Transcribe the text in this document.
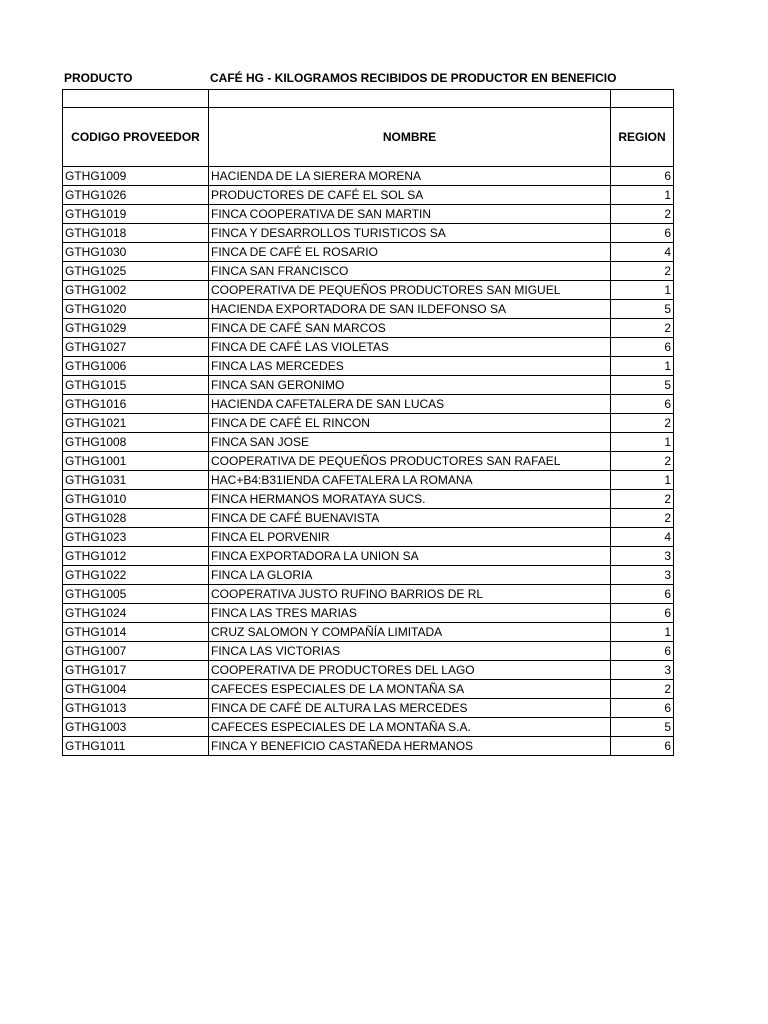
PRODUCTO	CAFÉ HG - KILOGRAMOS RECIBIDOS DE PRODUCTOR EN BENEFICIO

CODIGO PROVEEDOR	NOMBRE	REGION
GTHG1009	HACIENDA DE LA SIERERA MORENA	6
GTHG1026	PRODUCTORES DE CAFÉ EL SOL SA	1
GTHG1019	FINCA COOPERATIVA DE SAN MARTIN	2
GTHG1018	FINCA Y DESARROLLOS TURISTICOS SA	6
GTHG1030	FINCA DE CAFÉ EL ROSARIO	4
GTHG1025	FINCA SAN FRANCISCO	2
GTHG1002	COOPERATIVA DE PEQUEÑOS PRODUCTORES SAN MIGUEL	1
GTHG1020	HACIENDA EXPORTADORA DE SAN ILDEFONSO SA	5
GTHG1029	FINCA DE CAFÉ SAN MARCOS	2
GTHG1027	FINCA DE CAFÉ LAS VIOLETAS	6
GTHG1006	FINCA LAS MERCEDES	1
GTHG1015	FINCA SAN GERONIMO	5
GTHG1016	HACIENDA CAFETALERA DE SAN LUCAS	6
GTHG1021	FINCA DE CAFÉ EL RINCON	2
GTHG1008	FINCA SAN JOSE	1
GTHG1001	COOPERATIVA DE PEQUEÑOS PRODUCTORES SAN RAFAEL	2
GTHG1031	HAC+B4:B31IENDA CAFETALERA LA ROMANA	1
GTHG1010	FINCA HERMANOS MORATAYA SUCS.	2
GTHG1028	FINCA DE CAFÉ BUENAVISTA	2
GTHG1023	FINCA EL PORVENIR	4
GTHG1012	FINCA EXPORTADORA LA UNION SA	3
GTHG1022	FINCA LA GLORIA	3
GTHG1005	COOPERATIVA JUSTO RUFINO BARRIOS DE RL	6
GTHG1024	FINCA LAS TRES MARIAS	6
GTHG1014	CRUZ SALOMON Y COMPAÑÍA LIMITADA	1
GTHG1007	FINCA LAS VICTORIAS	6
GTHG1017	COOPERATIVA DE PRODUCTORES DEL LAGO	3
GTHG1004	CAFECES ESPECIALES DE LA MONTAÑA SA	2
GTHG1013	FINCA DE CAFÉ DE ALTURA LAS MERCEDES	6
GTHG1003	CAFECES ESPECIALES DE LA MONTAÑA S.A.	5
GTHG1011	FINCA Y BENEFICIO CASTAÑEDA HERMANOS	6
